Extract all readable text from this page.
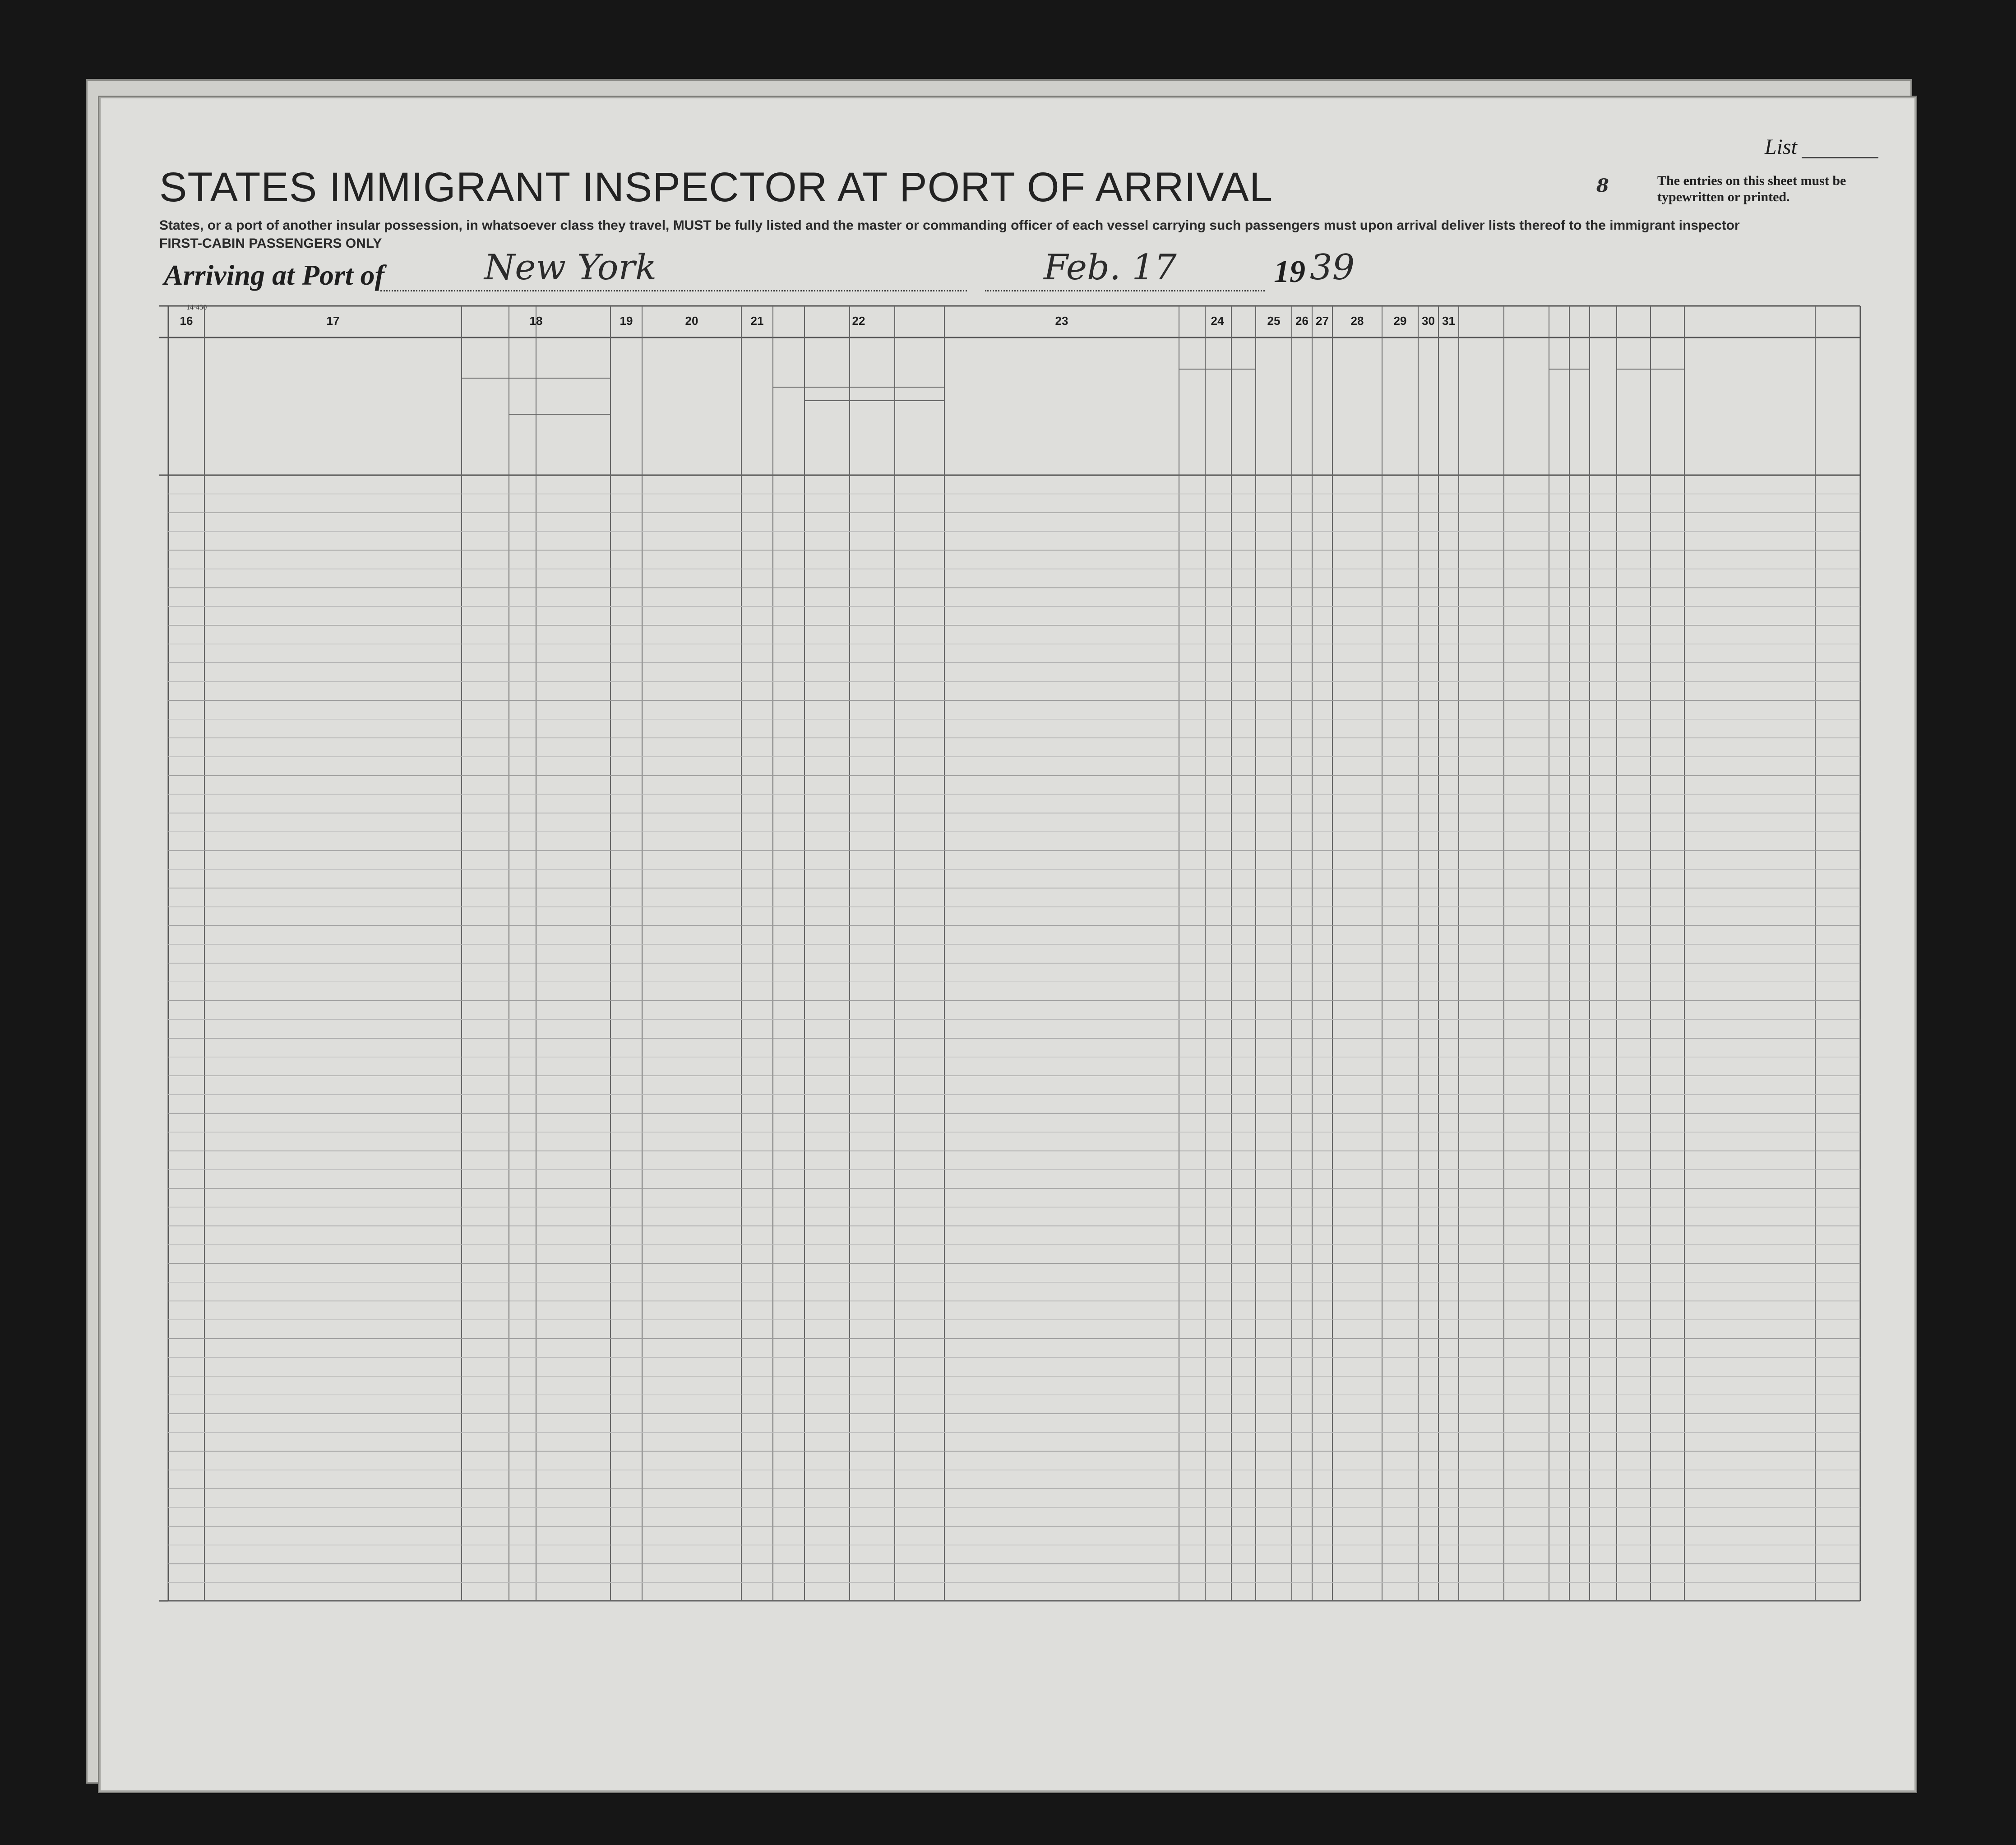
List
8	The entries on this sheet must be typewritten or printed.
STATES IMMIGRANT INSPECTOR AT PORT OF ARRIVAL
States, or a port of another insular possession, in whatsoever class they travel, MUST be fully listed and the master or commanding officer of each vessel carrying such passengers must upon arrival deliver lists thereof to the immigrant inspector
FIRST-CABIN PASSENGERS ONLY
Arriving at Port of	New York	Feb. 17	19 39
14-430
16	17	18	19	20	21	22	23	24	25	26 27	28	29	30 31
